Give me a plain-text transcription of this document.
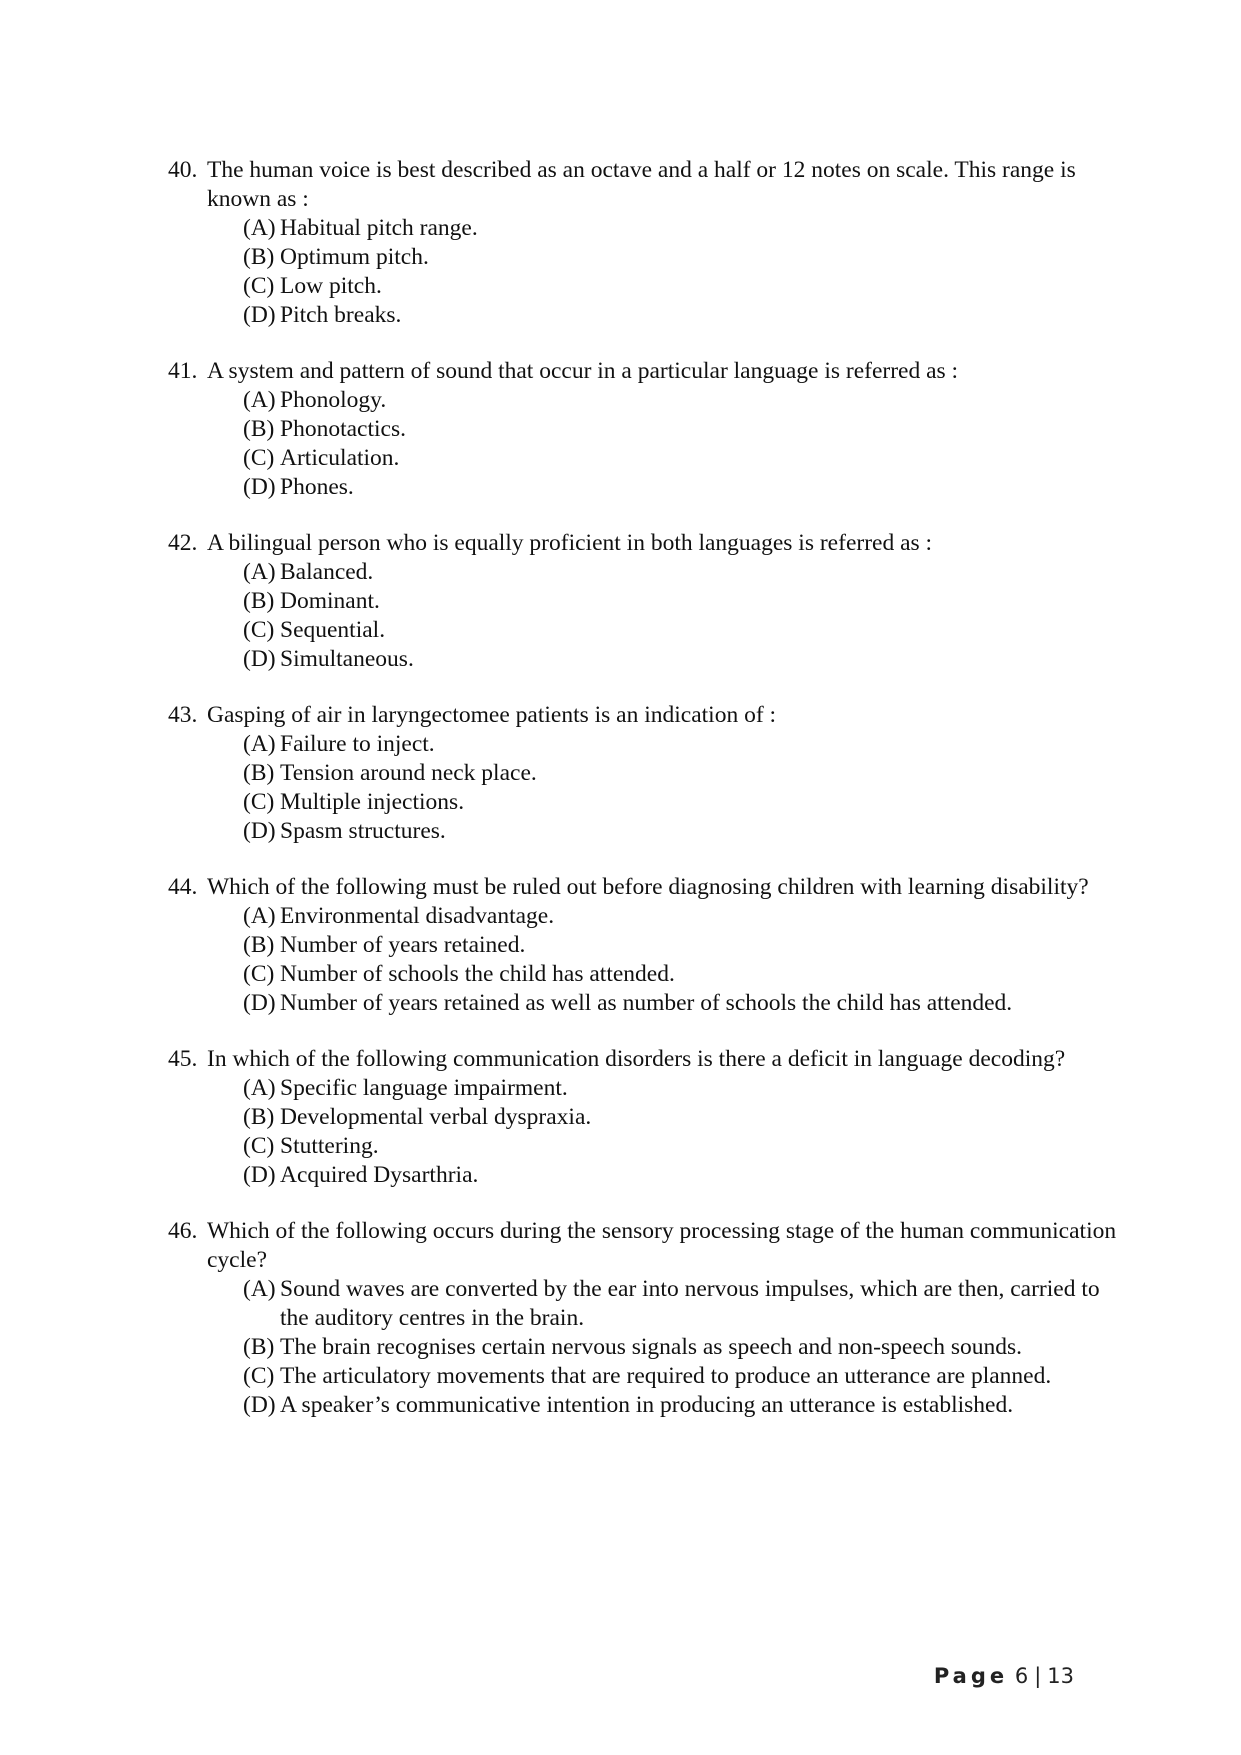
40. The human voice is best described as an octave and a half or 12 notes on scale. This range is known as :
(A) Habitual pitch range.
(B) Optimum pitch.
(C) Low pitch.
(D) Pitch breaks.
41. A system and pattern of sound that occur in a particular language is referred as :
(A) Phonology.
(B) Phonotactics.
(C) Articulation.
(D) Phones.
42. A bilingual person who is equally proficient in both languages is referred as :
(A) Balanced.
(B) Dominant.
(C) Sequential.
(D) Simultaneous.
43. Gasping of air in laryngectomee patients is an indication of :
(A) Failure to inject.
(B) Tension around neck place.
(C) Multiple injections.
(D) Spasm structures.
44. Which of the following must be ruled out before diagnosing children with learning disability?
(A) Environmental disadvantage.
(B) Number of years retained.
(C) Number of schools the child has attended.
(D) Number of years retained as well as number of schools the child has attended.
45. In which of the following communication disorders is there a deficit in language decoding?
(A) Specific language impairment.
(B) Developmental verbal dyspraxia.
(C) Stuttering.
(D) Acquired Dysarthria.
46. Which of the following occurs during the sensory processing stage of the human communication cycle?
(A) Sound waves are converted by the ear into nervous impulses, which are then, carried to the auditory centres in the brain.
(B) The brain recognises certain nervous signals as speech and non-speech sounds.
(C) The articulatory movements that are required to produce an utterance are planned.
(D) A speaker’s communicative intention in producing an utterance is established.
Page 6 | 13
